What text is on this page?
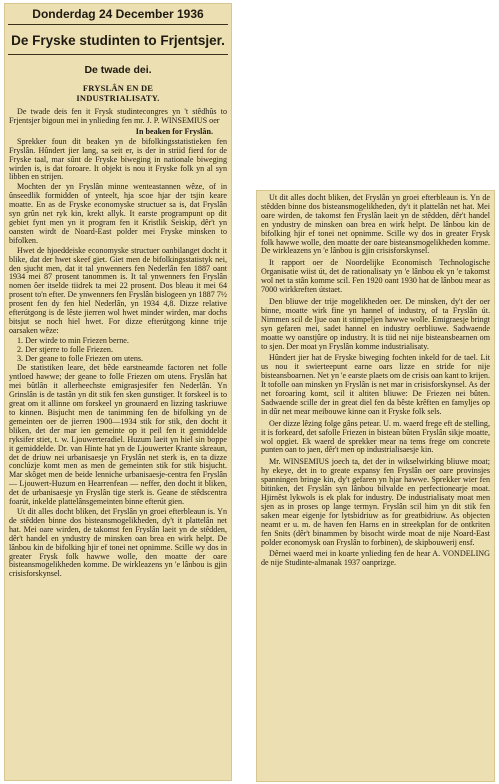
Donderdag 24 December 1936
De Fryske studinten to Frjentsjer.
De twade dei.
FRYSLÂN EN DE
INDUSTRIALISATY.

De twade deis fen it Frysk studintecongres yn 't stêdhûs to Frjentsjer bigoun mei in ynlieding fen mr. J. P. WINSEMIUS oer

In beaken for Fryslân.

Sprekker foun dit beaken yn de bifolkingsstatistieken fen Fryslân. Hûndert jier lang, sa seit er, is der in striid fierd for de Fryske taal, mar sûnt de Fryske biweging in nationale biweging wirden is, is dat foroare. It objekt is nou it Fryske folk yn al syn libben en strijen.

Mochten der yn Fryslân minne wenteastannen wêze, of in ûnseedlik formidden of ynteelt, hja scoe hjar der tsjin keare moatte. En as de Fryske economyske structuer sa is, dat Fryslân syn grûn net ryk kin, krekt allyk. It earste programpunt op dit gebiet fynt men yn it program fen it Kristlik Seiskip, dêr't yn oansten wirdt de Noard-East polder mei Fryske minsken to bifolken.

Hwet de hjoeddeiske economyske structuer oanbilanget docht it blike, dat der hwet skeef giet. Giet men de bifolkingsstatistyk nei, den sjucht men, dat it tal ynwenners fen Nederlân fen 1887 oant 1934 mei 87 prosent tanommen is. It tal ynwenners fen Fryslân nomen ôer itselde tiidrek ta mei 22 prosent. Dos bleau it mei 64 prosent to'n efter. De ynwenners fen Fryslân bislogeen yn 1887 7½ prosent fen dy fen hiel Nederlân, yn 1934 4,8. Dizze relative efterútgong is de lêste jierren wol hwet minder wirden, mar dochs bitsjut se noch hiel hwet. For dizze efterútgong kinne trije oarsaken wêze:

1. Der wirde to min Friezen berne.
2. Der stjerre to folle Friezen.
3. Der geane to folle Friezen om utens.

De statistiken leare, det bêde earstneamde factoren net folle yntloed hawwe; der geane to folle Friezen om utens. Fryslân hat mei bûtlân it allerheechste emigrasjesifer fen Nederlân. Yn Grinslân is de tastân yn dit stik fen sken gunstiger. It forskeel is to great om it allinne om forskeel yn grounaerd en lizzing taskriuwe to kinnen. Bisjucht men de tanimming fen de bifolking yn de gemeinten oer de jierren 1900—1934 stik for stik, den docht it bliken, det der mar ien gemeinte op it peil fen it gemiddelde ryksifer stiet, t. w. Ljouwerteradiel. Huzum laeit yn hiel sin boppe it gemiddelde. Dr. van Hinte hat yn de Ljouwerter Krante skreaun, det de driuw nei urbanisaesje yn Fryslân net sterk is, en ta dizze conclúzje komt men as men de gemeinten stik for stik bisjucht. Mar skôget men de beide lenniche urbanisaesje-centra fen Fryslân — Ljouwert-Huzum en Hearrenfean — neffer, den docht it bliken, det de urbanisaesje yn Fryslân tige sterk is. Geane de stêdscentra foarút, inkelde plattelânsgemeinten binne efterút gien.

Ut dit alles docht bliken, det Fryslân yn groei efterbleaun is. Yn de stêdden binne dos bisteansmogelikheden, dy't it plattelân net hat. Mei oare wirden, de takomst fen Fryslân laeit yn de stêdden, dêr't handel en yndustry de minsken oan brea en wirk helpt. De lânbou kin de bifolking hjir ef tonei net opnimme. Scille wy dos in greater Frysk folk hawwe wolle, den moatte der oare bisteansmogelikheden komme. De wirkleazens yn 'e lânbou is gjin crisisforskynsel.

Ut dit alles docht bliken, det Fryslân yn groei efterbleaun is. Yn de stêdden binne dos bisteansmogelikheden, dy't it plattelân net hat. Mei oare wirden, de takomst fen Fryslân laeit yn de stêdden, dêr't handel en yndustry de minsken oan brea en wirk helpt. De lânbou kin de bifolking hjir ef tonei net opnimme. Scille wy dos in greater Frysk folk hawwe wolle, den moatte der oare bisteansmogelikheden komme. De wirkleazens yn 'e lânbou is gjin crisisforskynsel.

It rapport oer de Noordelijke Economisch Technologische Organisatie wiist út, det de rationalisaty yn 'e lânbou ek yn 'e takomst wol net ta stân komme scil. Fen 1920 oant 1930 hat de lânbou mear as 7000 wirkkreften útstaet.

Den bliuwe der trije mogelikheden oer. De minsken, dy't der oer binne, moatte wirk fine yn hannel of industry, of ta Fryslân út. Nimmen scil de ljue oan it stimpeljen hawwe wolle. Emigraesje bringt syn gefaren mei, sadet hannel en industry oerbliuwe. Sadwaende moatte wy oanstjûre op industry. It is tiid nei nije bisteansbearnen om to sjen. Der moat yn Fryslân komme industrialisaty.

Hûndert jier hat de Fryske biweging fochten inkeld for de tael. Lit us nou it swierteepunt earne oars lizze en stride for nije bisteansboarnen. Net yn 'e earste plaets om de crisis oan kant to krijen. It tofolle oan minsken yn Fryslân is net mar in crisisforskynsel. As der net foroaring komt, scil it altiten bliuwe: De Friezen nei bûten. Sadwaende scille der in great diel fen da bêste krêften en famyljes op in dûr net mear meibouwe kinne oan it Fryske folk sels.

Oer dizze lêzing folge gâns petear. U. m. waerd frege eft de stelling, it is forkeard, det safolle Friezen in bistean bûten Fryslân sikje moatte, wol opgiet. Ek waerd de sprekker mear na tems frege om concrete punten oan to jaen, dêr't men op industrialisaesje kin.

Mr. WINSEMIUS joech ta, det der in wikselwirking bliuwe moat; hy ekeye, det in to greate expansy fen Fryslân oer oare provinsjes spanningen bringe kin, dy't gefaren yn hjar hawwe. Sprekker wier fen bitinken, det Fryslân syn lânbou bilvalde en perfectionearje moat. Hjirnêst lykwols is ek plak for industry. De industrialisaty moat men sjen as in proses op lange termyn. Fryslân scil him yn dit stik fen saken mear eigenje for lytsbidriuw as for greatbidriuw. As objecten neamt er u. m. de haven fen Harns en in streekplan for de ontkriten fen Snits (dêr't binammen by bisocht wirde moat de nije Noard-East polder economysk oan Fryslân to forbinen), de skipbouwerij ensf.

Dêrnei waerd mei in koarte ynlieding fen de hear A. VONDELING de nije Studinte-almanak 1937 oanprizge.
